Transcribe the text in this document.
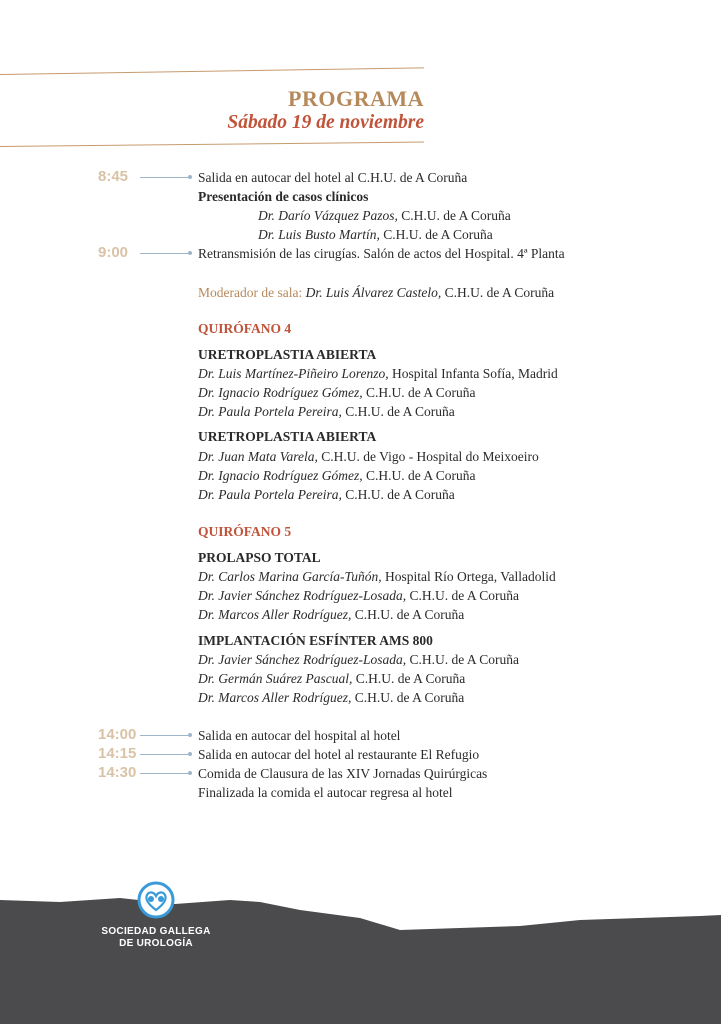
PROGRAMA
Sábado 19 de noviembre
8:45	Salida en autocar del hotel al C.H.U. de A Coruña
Presentación de casos clínicos
Dr. Darío Vázquez Pazos, C.H.U. de A Coruña
Dr. Luis Busto Martín, C.H.U. de A Coruña
9:00	Retransmisión de las cirugías. Salón de actos del Hospital. 4ª Planta
Moderador de sala: Dr. Luis Álvarez Castelo, C.H.U. de A Coruña
QUIRÓFANO 4
URETROPLASTIA ABIERTA
Dr. Luis Martínez-Piñeiro Lorenzo, Hospital Infanta Sofía, Madrid
Dr. Ignacio Rodríguez Gómez, C.H.U. de A Coruña
Dr. Paula Portela Pereira, C.H.U. de A Coruña
URETROPLASTIA ABIERTA
Dr. Juan Mata Varela, C.H.U. de Vigo - Hospital do Meixoeiro
Dr. Ignacio Rodríguez Gómez, C.H.U. de A Coruña
Dr. Paula Portela Pereira, C.H.U. de A Coruña
QUIRÓFANO 5
PROLAPSO TOTAL
Dr. Carlos Marina García-Tuñón, Hospital Río Ortega, Valladolid
Dr. Javier Sánchez Rodríguez-Losada, C.H.U. de A Coruña
Dr. Marcos Aller Rodríguez, C.H.U. de A Coruña
IMPLANTACIÓN ESFÍNTER AMS 800
Dr. Javier Sánchez Rodríguez-Losada, C.H.U. de A Coruña
Dr. Germán Suárez Pascual, C.H.U. de A Coruña
Dr. Marcos Aller Rodríguez, C.H.U. de A Coruña
14:00	Salida en autocar del hospital al hotel
14:15	Salida en autocar del hotel al restaurante El Refugio
14:30	Comida de Clausura de las XIV Jornadas Quirúrgicas
Finalizada la comida el autocar regresa al hotel
SOCIEDAD GALLEGA
DE UROLOGÍA
